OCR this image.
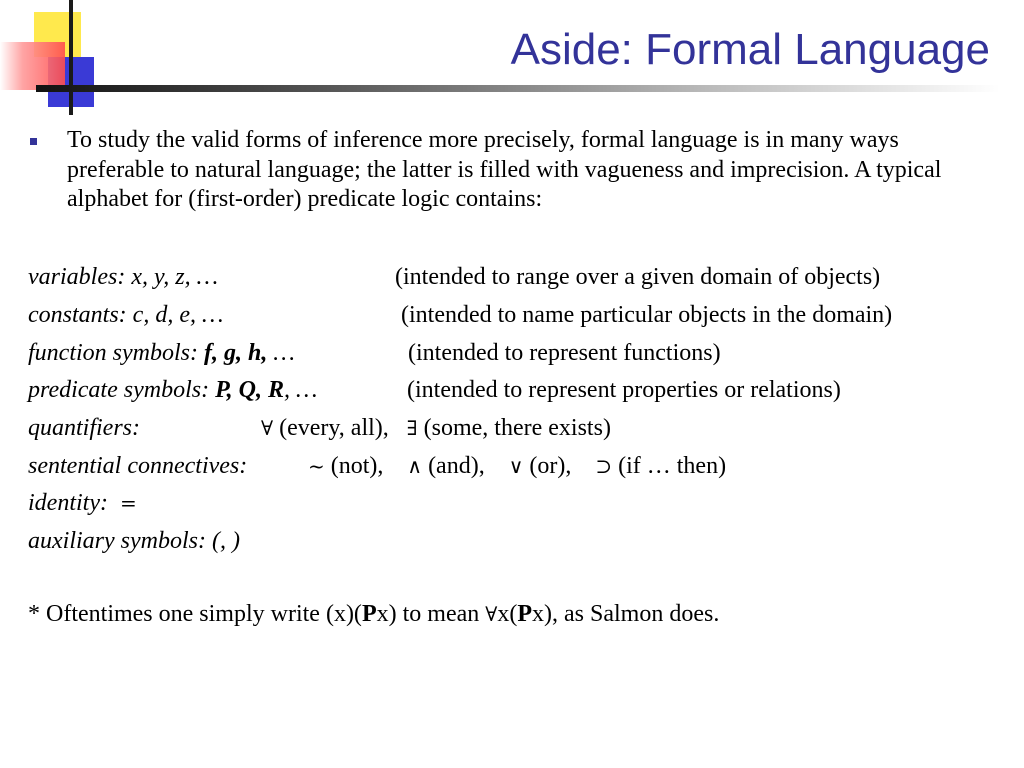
Aside: Formal Language

To study the valid forms of inference more precisely, formal language is in many ways preferable to natural language; the latter is filled with vagueness and imprecision. A typical alphabet for (first-order) predicate logic contains:

variables: x, y, z, …	(intended to range over a given domain of objects)
constants: c, d, e, …	(intended to name particular objects in the domain)
function symbols: f, g, h, …	(intended to represent functions)
predicate symbols: P, Q, R, …	(intended to represent properties or relations)
quantifiers:	∀ (every, all), ∃ (some, there exists)
sentential connectives:	~ (not), ∧ (and), ∨ (or), ⊃ (if … then)
identity: =
auxiliary symbols: (, )
* Oftentimes one simply write (x)(Px) to mean ∀x(Px), as Salmon does.
